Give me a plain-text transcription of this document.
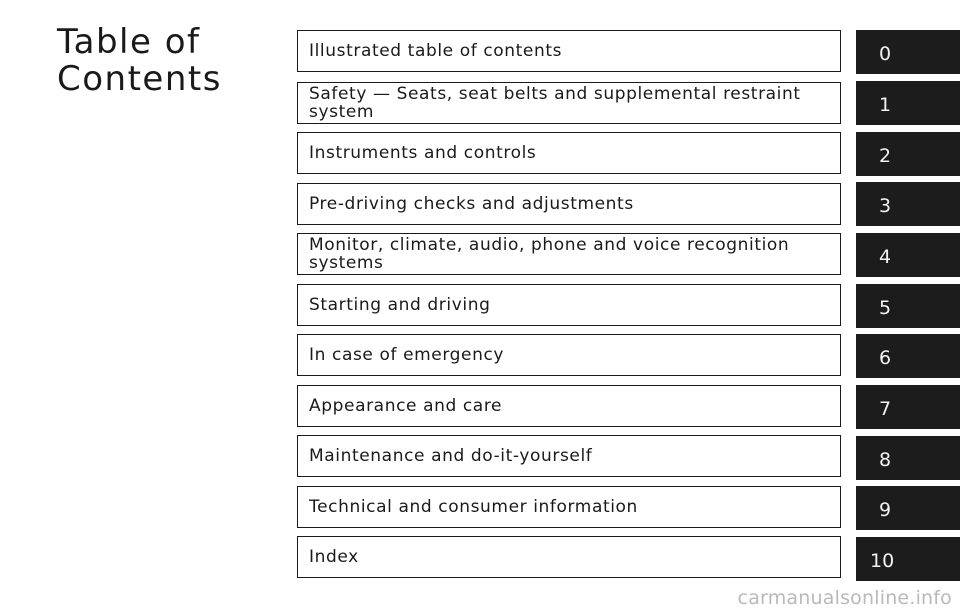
Table of
Contents
Illustrated table of contents
Safety — Seats, seat belts and supplemental restraint system
Instruments and controls
Pre-driving checks and adjustments
Monitor, climate, audio, phone and voice recognition systems
Starting and driving
In case of emergency
Appearance and care
Maintenance and do-it-yourself
Technical and consumer information
Index
0
1
2
3
4
5
6
7
8
9
10
carmanualsonline.info
